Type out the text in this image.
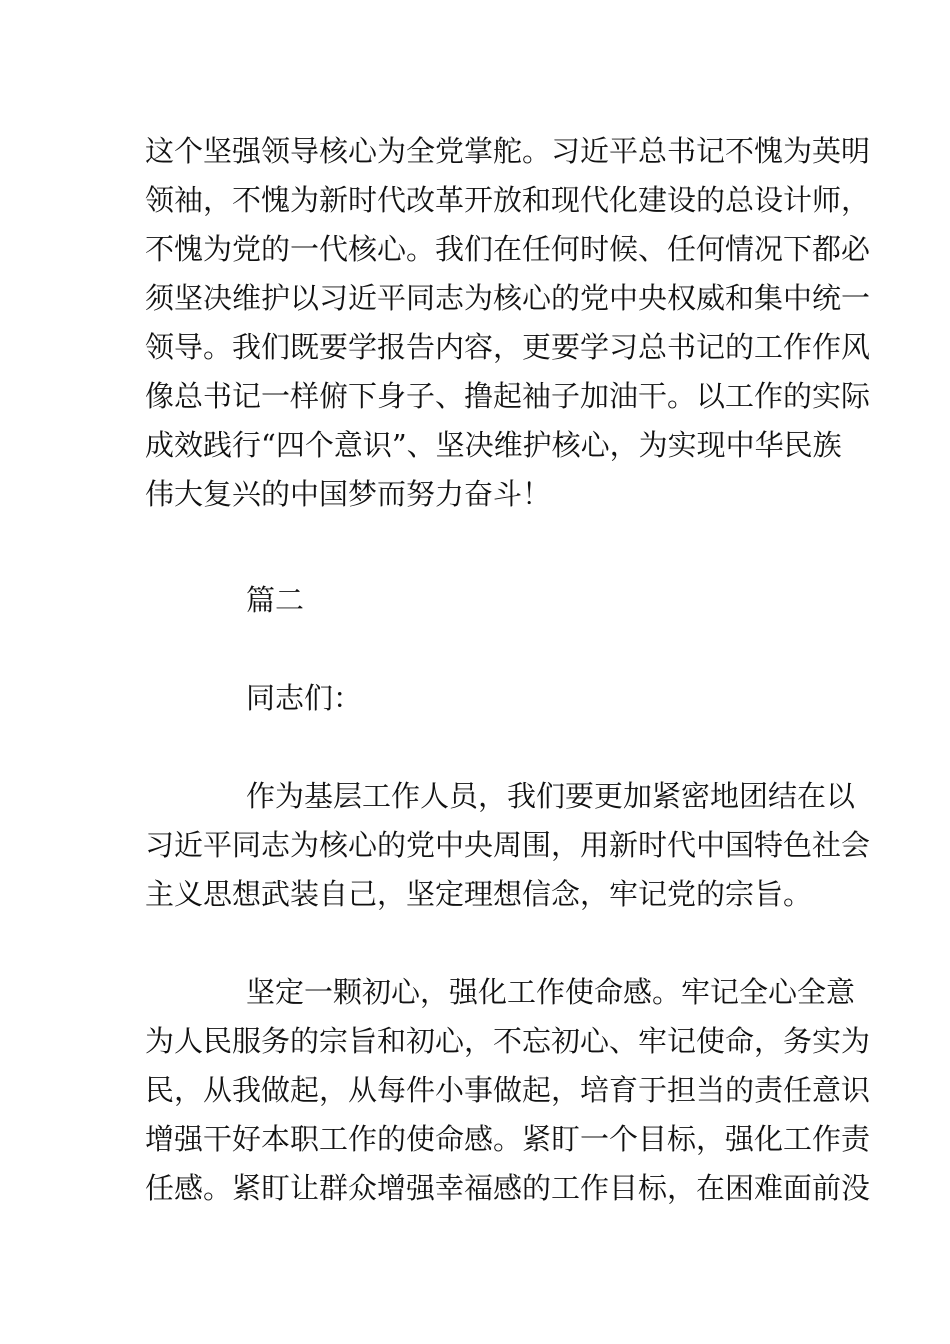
这个坚强领导核心为全党掌舵。习近平总书记不愧为英明
领袖，不愧为新时代改革开放和现代化建设的总设计师，
不愧为党的一代核心。我们在任何时候、任何情况下都必
须坚决维护以习近平同志为核心的党中央权威和集中统一
领导。我们既要学报告内容，更要学习总书记的工作作风
像总书记一样俯下身子、撸起袖子加油干。以工作的实际
成效践行“四个意识”、坚决维护核心，为实现中华民族
伟大复兴的中国梦而努力奋斗！
篇二
同志们：
作为基层工作人员，我们要更加紧密地团结在以
习近平同志为核心的党中央周围，用新时代中国特色社会
主义思想武装自己，坚定理想信念，牢记党的宗旨。
坚定一颗初心，强化工作使命感。牢记全心全意
为人民服务的宗旨和初心，不忘初心、牢记使命，务实为
民，从我做起，从每件小事做起，培育于担当的责任意识
增强干好本职工作的使命感。紧盯一个目标，强化工作责
任感。紧盯让群众增强幸福感的工作目标，在困难面前没
